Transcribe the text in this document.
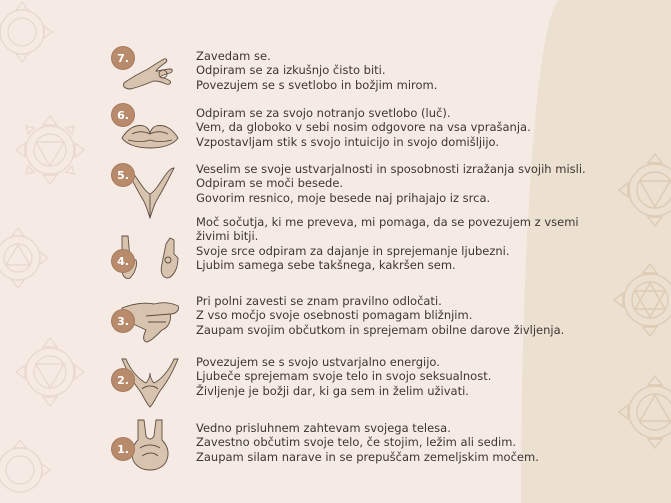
7.	Zavedam se.
Odpiram se za izkušnjo čisto biti.
Povezujem se s svetlobo in božjim mirom.
6.	Odpiram se za svojo notranjo svetlobo (luč).
Vem, da globoko v sebi nosim odgovore na vsa vprašanja.
Vzpostavljam stik s svojo intuicijo in svojo domišljijo.
5.	Veselim se svoje ustvarjalnosti in sposobnosti izražanja svojih misli.
Odpiram se moči besede.
Govorim resnico, moje besede naj prihajajo iz srca.
4.
Moč sočutja, ki me preveva, mi pomaga, da se povezujem z vsemi
živimi bitji.
Svoje srce odpiram za dajanje in sprejemanje ljubezni.
Ljubim samega sebe takšnega, kakršen sem.
3.
Pri polni zavesti se znam pravilno odločati.
Z vso močjo svoje osebnosti pomagam bližnjim.
Zaupam svojim občutkom in sprejemam obilne darove življenja.
2.
Povezujem se s svojo ustvarjalno energijo.
Ljubeče sprejemam svoje telo in svojo seksualnost.
Življenje je božji dar, ki ga sem in želim uživati.
1.
Vedno prisluhnem zahtevam svojega telesa.
Zavestno občutim svoje telo, če stojim, ležim ali sedim.
Zaupam silam narave in se prepuščam zemeljskim močem.
